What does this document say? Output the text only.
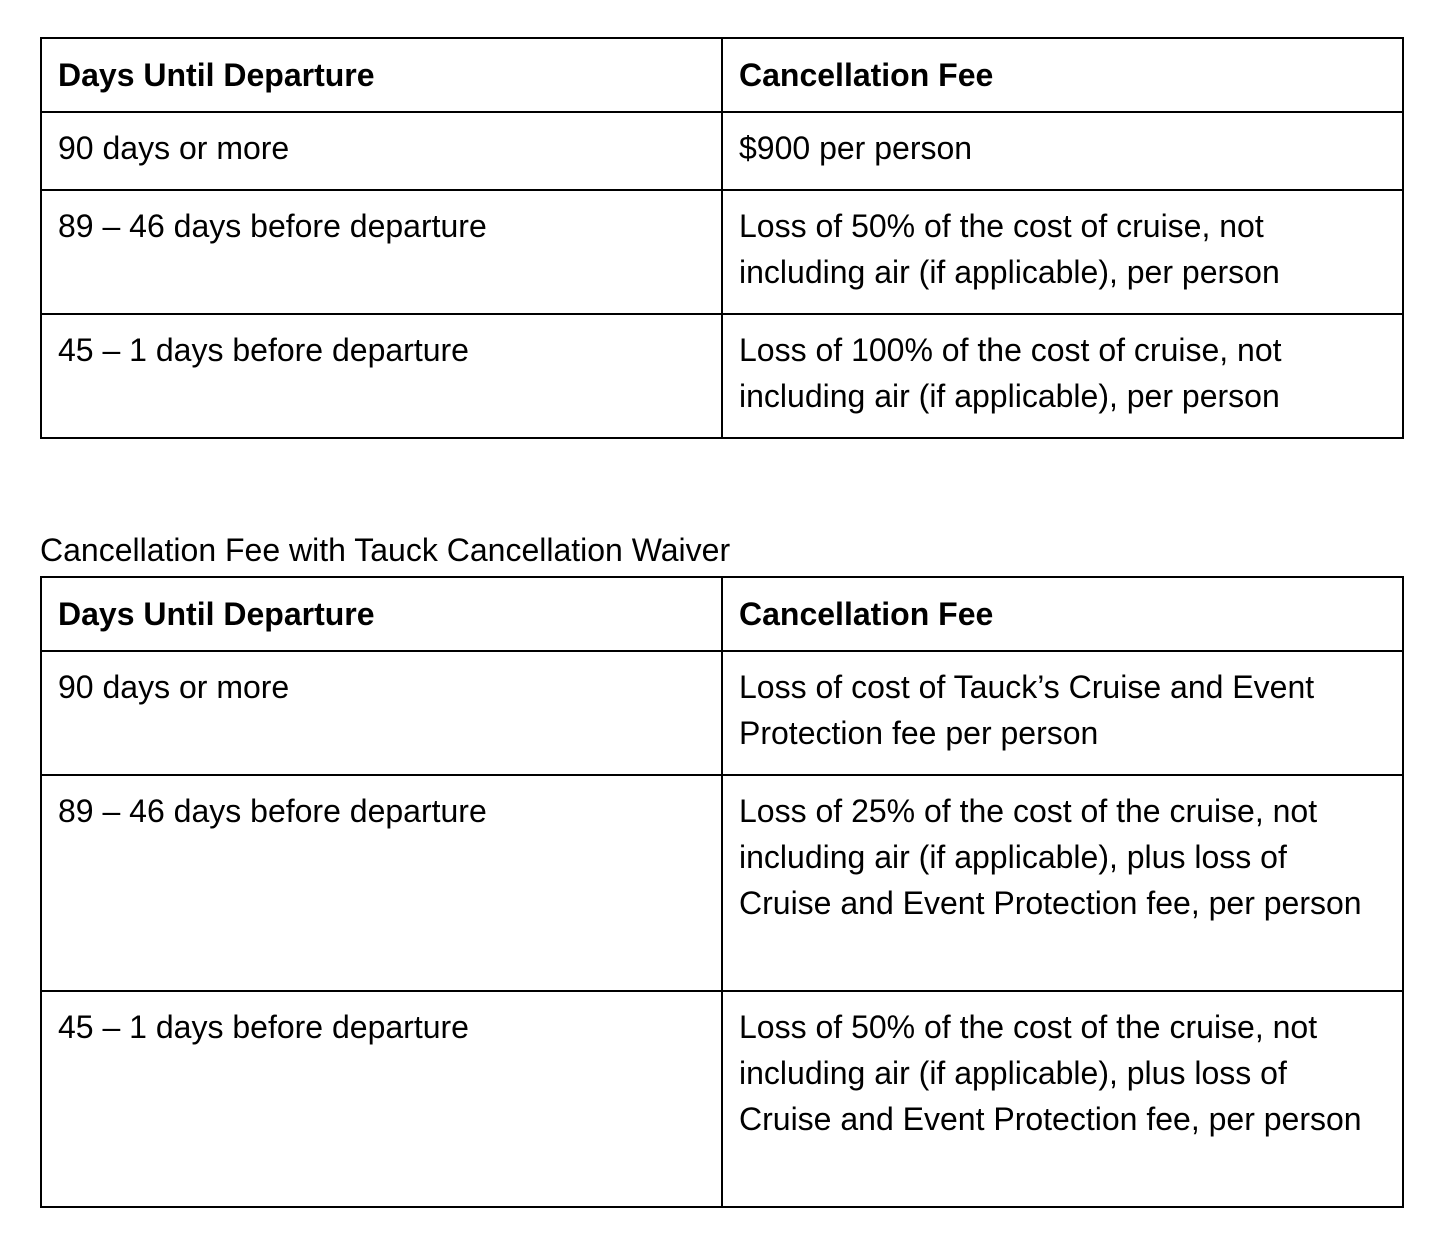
Days Until Departure	Cancellation Fee
90 days or more	$900 per person
89 – 46 days before departure	Loss of 50% of the cost of cruise, not including air (if applicable), per person
45 – 1 days before departure	Loss of 100% of the cost of cruise, not including air (if applicable), per person

Cancellation Fee with Tauck Cancellation Waiver

Days Until Departure	Cancellation Fee
90 days or more	Loss of cost of Tauck’s Cruise and Event Protection fee per person
89 – 46 days before departure	Loss of 25% of the cost of the cruise, not including air (if applicable), plus loss of Cruise and Event Protection fee, per person
45 – 1 days before departure	Loss of 50% of the cost of the cruise, not including air (if applicable), plus loss of Cruise and Event Protection fee, per person
